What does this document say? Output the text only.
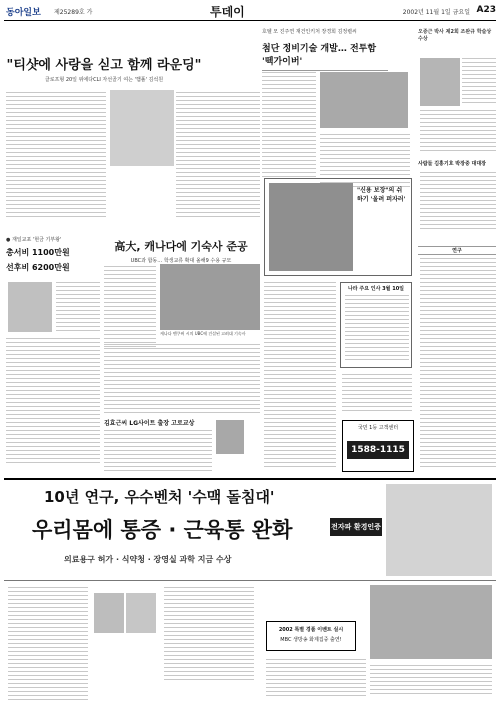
동아일보 제25289호 가	투데이	2002년 11월 1일 금요일 A23
"티샷에 사랑을 싣고 함께 라운딩"
클로프형 20일 위에다CLI 자선골기 여는 '햄폴' 김석원
호텔 모 진주연 재건인키처 장경희 김정렬씨
첨단 정비기술 개발… 전투함 '떽가이버'
오증근 박사 제2회 조완규 학술상 수상
사람들 김홍기호 박장중 대대장
연구
● 재일교포 '현금 기부왕'
총서비 1100만원
선후비 6200만원
高大, 캐나다에 기숙사 준공
UBC과 합동… 학생교류 확대 올해9 수용 규모
캐나다 밴쿠버 시의 UBC에 건설된 고려대 기숙사
김효근씨 LG사이트 출장 고로교상
"신용 보장"의 쉬 하기 '울려 퍼자러'
나라 주요 인사 3월 10일
국민 1등 고객센터
1588-1115
10년 연구, 우수벤처 '수맥 돌침대'
우리몸에 통증 · 근육통 완화
의료용구 허가 · 식약청 · 장영실 과학 지금 수상
전자파 환경인증
2002 특별 경품 이벤트 실시
MBC 생방송 화제집중 출연!
